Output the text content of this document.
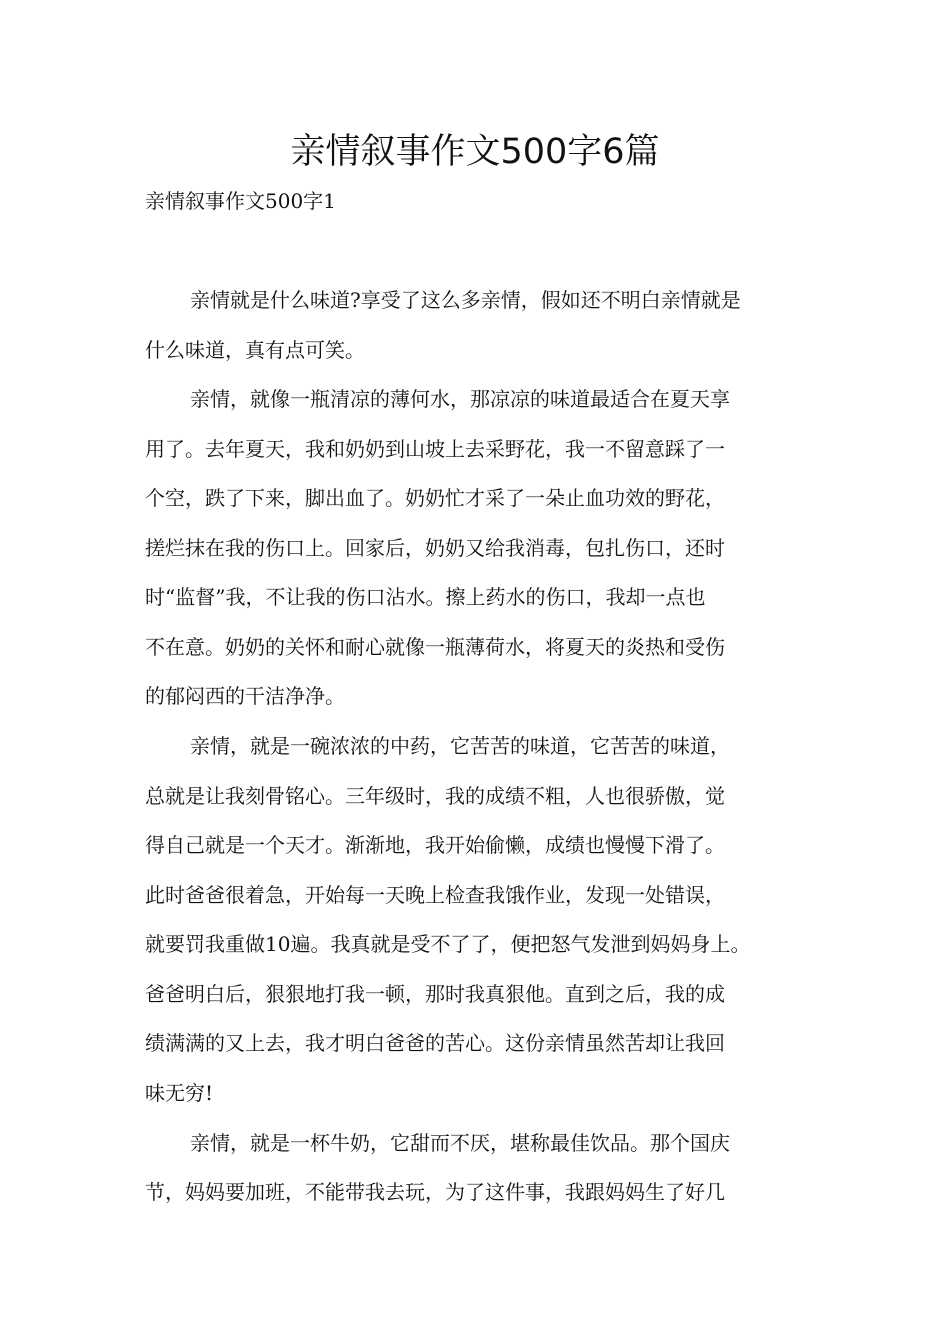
亲情叙事作文500字6篇
亲情叙事作文500字1

亲情就是什么味道?享受了这么多亲情，假如还不明白亲情就是

什么味道，真有点可笑。

亲情，就像一瓶清凉的薄何水，那凉凉的味道最适合在夏天享

用了。去年夏天，我和奶奶到山坡上去采野花，我一不留意踩了一

个空，跌了下来，脚出血了。奶奶忙才采了一朵止血功效的野花，

搓烂抹在我的伤口上。回家后，奶奶又给我消毒，包扎伤口，还时

时“监督”我，不让我的伤口沾水。擦上药水的伤口，我却一点也

不在意。奶奶的关怀和耐心就像一瓶薄荷水，将夏天的炎热和受伤

的郁闷西的干洁净净。

亲情，就是一碗浓浓的中药，它苦苦的味道，它苦苦的味道，

总就是让我刻骨铭心。三年级时，我的成绩不粗，人也很骄傲，觉

得自己就是一个天才。渐渐地，我开始偷懒，成绩也慢慢下滑了。

此时爸爸很着急，开始每一天晚上检查我饿作业，发现一处错误，

就要罚我重做10遍。我真就是受不了了，便把怒气发泄到妈妈身上。

爸爸明白后，狠狠地打我一顿，那时我真狠他。直到之后，我的成

绩满满的又上去，我才明白爸爸的苦心。这份亲情虽然苦却让我回

味无穷!

亲情，就是一杯牛奶，它甜而不厌，堪称最佳饮品。那个国庆

节，妈妈要加班，不能带我去玩，为了这件事，我跟妈妈生了好几
